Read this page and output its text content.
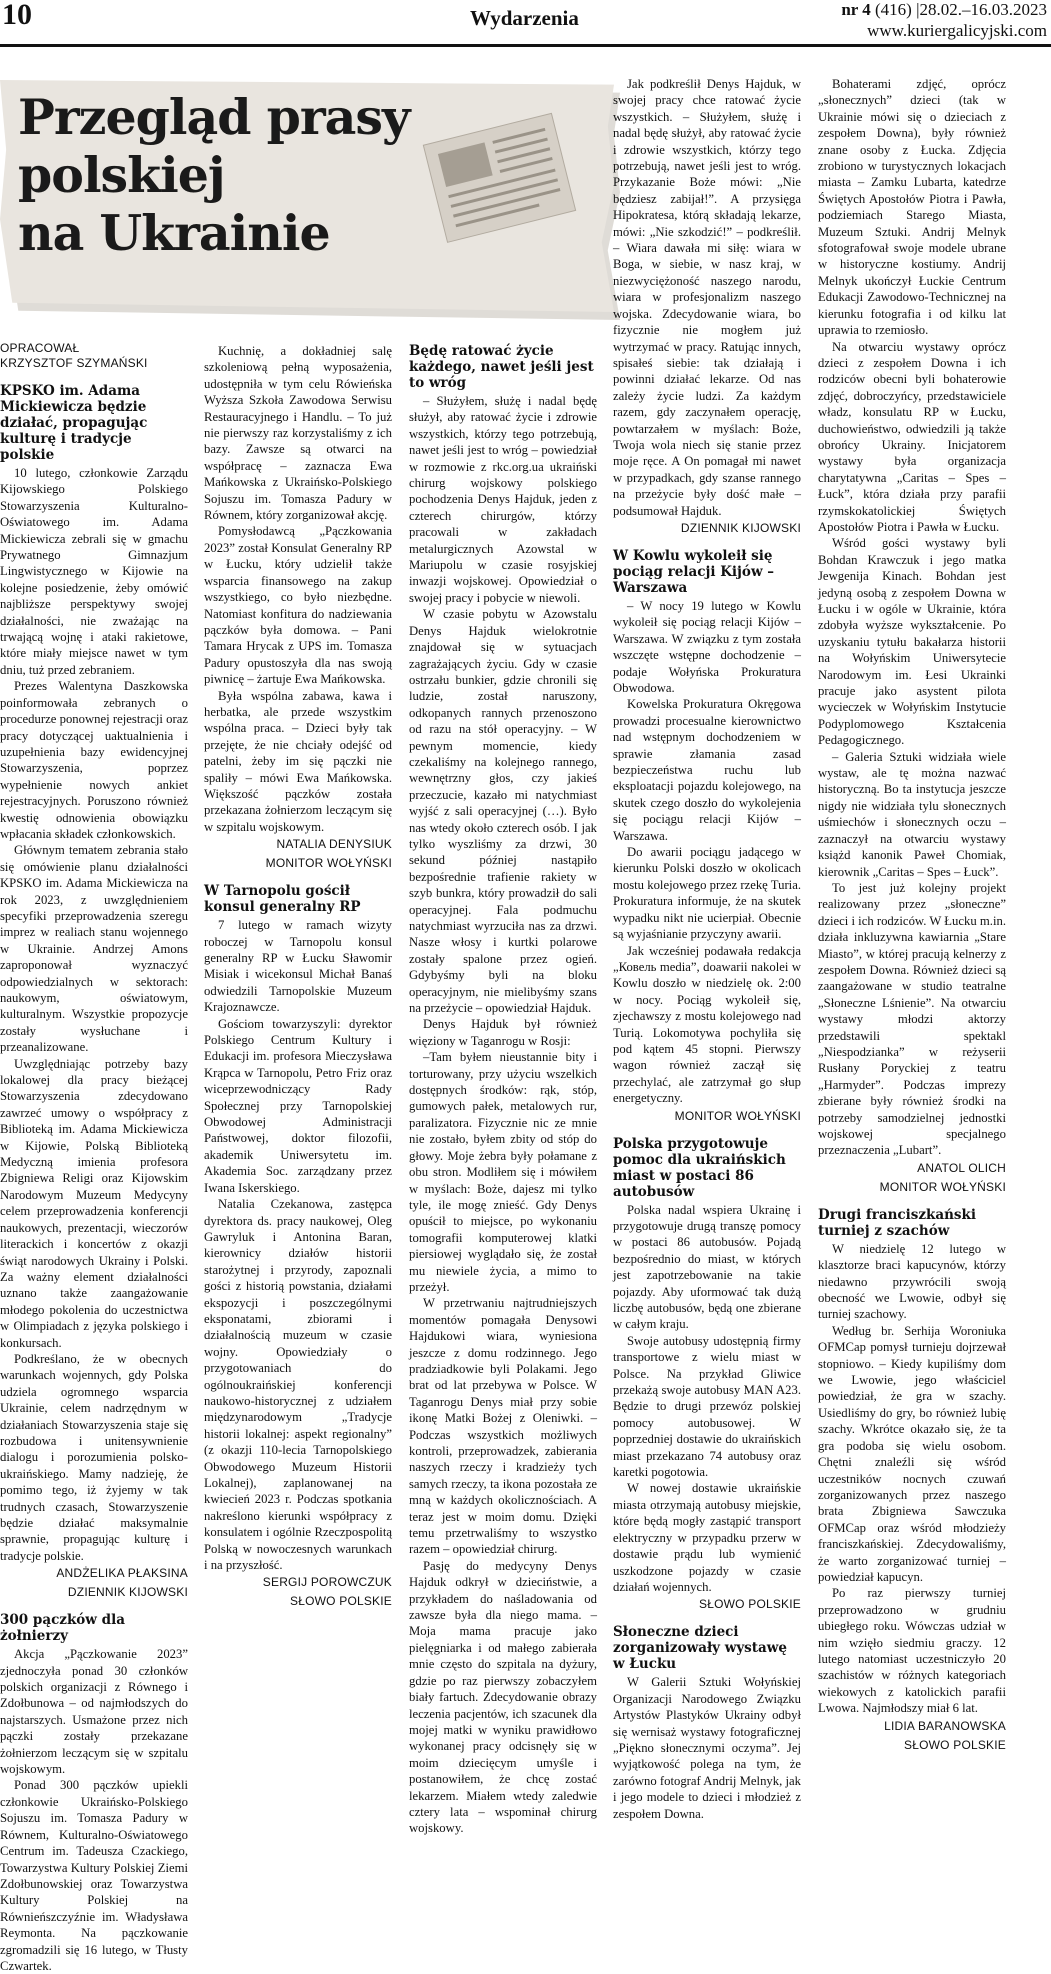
10	Wydarzenia	nr 4 (416) |28.02.–16.03.2023
www.kuriergalicyjski.com
Przegląd prasy
polskiej
na Ukrainie
OPRACOWAŁ
KRZYSZTOF SZYMAŃSKI
KPSKO im. Adama Mickiewicza będzie działać, propagując kulturę i tradycje polskie

10 lutego, członkowie Zarządu Kijowskiego Polskiego Stowarzyszenia Kulturalno-Oświatowego im. Adama Mickiewicza zebrali się w gmachu Prywatnego Gimnazjum Lingwistycznego w Kijowie na kolejne posiedzenie, żeby omówić najbliższe perspektywy swojej działalności, nie zważając na trwającą wojnę i ataki rakietowe, które miały miejsce nawet w tym dniu, tuż przed zebraniem.

Prezes Walentyna Daszkowska poinformowała zebranych o procedurze ponownej rejestracji oraz pracy dotyczącej uaktualnienia i uzupełnienia bazy ewidencyjnej Stowarzyszenia, poprzez wypełnienie nowych ankiet rejestracyjnych. Poruszono również kwestię odnowienia obowiązku wpłacania składek członkowskich.

Głównym tematem zebrania stało się omówienie planu działalności KPSKO im. Adama Mickiewicza na rok 2023, z uwzględnieniem specyfiki przeprowadzenia szeregu imprez w realiach stanu wojennego w Ukrainie. Andrzej Amons zaproponował wyznaczyć odpowiedzialnych w sektorach: naukowym, oświatowym, kulturalnym. Wszystkie propozycje zostały wysłuchane i przeanalizowane.

Uwzględniając potrzeby bazy lokalowej dla pracy bieżącej Stowarzyszenia zdecydowano zawrzeć umowy o współpracy z Biblioteką im. Adama Mickiewicza w Kijowie, Polską Biblioteką Medyczną imienia profesora Zbigniewa Religi oraz Kijowskim Narodowym Muzeum Medycyny celem przeprowadzenia konferencji naukowych, prezentacji, wieczorów literackich i koncertów z okazji świąt narodowych Ukrainy i Polski. Za ważny element działalności uznano także zaangażowanie młodego pokolenia do uczestnictwa w Olimpiadach z języka polskiego i konkursach.

Podkreślano, że w obecnych warunkach wojennych, gdy Polska udziela ogromnego wsparcia Ukrainie, celem nadrzędnym w działaniach Stowarzyszenia staje się rozbudowa i unitensywnienie dialogu i porozumienia polsko-ukraińskiego. Mamy nadzieję, że pomimo tego, iż żyjemy w tak trudnych czasach, Stowarzyszenie będzie działać maksymalnie sprawnie, propagując kulturę i tradycje polskie.

ANDŻELIKA PŁAKSINA
DZIENNIK KIJOWSKI
300 pączków dla żołnierzy

Akcja „Pączkowanie 2023” zjednoczyła ponad 30 członków polskich organizacji z Równego i Zdołbunowa – od najmłodszych do najstarszych. Usmażone przez nich pączki zostały przekazane żołnierzom leczącym się w szpitalu wojskowym.

Ponad 300 pączków upiekli członkowie Ukraińsko-Polskiego Sojuszu im. Tomasza Padury w Równem, Kulturalno-Oświatowego Centrum im. Tadeusza Czackiego, Towarzystwa Kultury Polskiej Ziemi Zdołbunowskiej oraz Towarzystwa Kultury Polskiej na Równieńszczyźnie im. Władysława Reymonta. Na pączkowanie zgromadzili się 16 lutego, w Tłusty Czwartek.

Kuchnię, a dokładniej salę szkoleniową pełną wyposażenia, udostępniła w tym celu Rówieńska Wyższa Szkoła Zawodowa Serwisu Restauracyjnego i Handlu. – To już nie pierwszy raz korzystaliśmy z ich bazy. Zawsze są otwarci na współpracę – zaznacza Ewa Mańkowska z Ukraińsko-Polskiego Sojuszu im. Tomasza Padury w Równem, który zorganizował akcję.

Pomysłodawcą „Pączkowania 2023” został Konsulat Generalny RP w Łucku, który udzielił także wsparcia finansowego na zakup wszystkiego, co było niezbędne. Natomiast konfitura do nadziewania pączków była domowa. – Pani Tamara Hrycak z UPS im. Tomasza Padury opustoszyła dla nas swoją piwnicę – żartuje Ewa Mańkowska.

Była wspólna zabawa, kawa i herbatka, ale przede wszystkim wspólna praca. – Dzieci były tak przejęte, że nie chciały odejść od patelni, żeby im się pączki nie spaliły – mówi Ewa Mańkowska. Większość pączków została przekazana żołnierzom leczącym się w szpitalu wojskowym.

NATALIA DENYSIUK
MONITOR WOŁYŃSKI
W Tarnopolu gościł konsul generalny RP

7 lutego w ramach wizyty roboczej w Tarnopolu konsul generalny RP w Łucku Sławomir Misiak i wicekonsul Michał Banaś odwiedzili Tarnopolskie Muzeum Krajoznawcze.

Gościom towarzyszyli: dyrektor Polskiego Centrum Kultury i Edukacji im. profesora Mieczysława Krąpca w Tarnopolu, Petro Friz oraz wiceprzewodniczący Rady Społecznej przy Tarnopolskiej Obwodowej Administracji Państwowej, doktor filozofii, akademik Uniwersytetu im. Akademia Soc. zarządzany przez Iwana Iskerskiego.

Natalia Czekanowa, zastępca dyrektora ds. pracy naukowej, Oleg Gawryluk i Antonina Baran, kierownicy działów historii starożytnej i przyrody, zapoznali gości z historią powstania, działami ekspozycji i poszczególnymi eksponatami, zbiorami i działalnością muzeum w czasie wojny. Opowiedziały o przygotowaniach do ogólnoukraińskiej konferencji naukowo-historycznej z udziałem międzynarodowym „Tradycje historii lokalnej: aspekt regionalny” (z okazji 110-lecia Tarnopolskiego Obwodowego Muzeum Historii Lokalnej), zaplanowanej na kwiecień 2023 r. Podczas spotkania nakreślono kierunki współpracy z konsulatem i ogólnie Rzeczpospolitą Polską w nowoczesnych warunkach i na przyszłość.

SERGIJ POROWCZUK
SŁOWO POLSKIE
Będę ratować życie każdego, nawet jeśli jest to wróg

– Służyłem, służę i nadal będę służył, aby ratować życie i zdrowie wszystkich, którzy tego potrzebują, nawet jeśli jest to wróg – powiedział w rozmowie z rkc.org.ua ukraiński chirurg wojskowy polskiego pochodzenia Denys Hajduk, jeden z czterech chirurgów, którzy pracowali w zakładach metalurgicznych Azowstal w Mariupolu w czasie rosyjskiej inwazji wojskowej. Opowiedział o swojej pracy i pobycie w niewoli.

W czasie pobytu w Azowstalu Denys Hajduk wielokrotnie znajdował się w sytuacjach zagrażających życiu. Gdy w czasie ostrzału bunkier, gdzie chronili się ludzie, został naruszony, odkopanych rannych przenoszono od razu na stół operacyjny. – W pewnym momencie, kiedy czekaliśmy na kolejnego rannego, wewnętrzny głos, czy jakieś przeczucie, kazało mi natychmiast wyjść z sali operacyjnej (…). Było nas wtedy około czterech osób. I jak tylko wyszliśmy za drzwi, 30 sekund później nastąpiło bezpośrednie trafienie rakiety w szyb bunkra, który prowadził do sali operacyjnej. Fala podmuchu natychmiast wyrzuciła nas za drzwi. Nasze włosy i kurtki polarowe zostały spalone przez ogień. Gdybyśmy byli na bloku operacyjnym, nie mielibyśmy szans na przeżycie – opowiedział Hajduk.

Denys Hajduk był również więziony w Taganrogu w Rosji:

–Tam byłem nieustannie bity i torturowany, przy użyciu wszelkich dostępnych środków: rąk, stóp, gumowych pałek, metalowych rur, paralizatora. Fizycznie nic ze mnie nie zostało, byłem zbity od stóp do głowy. Moje żebra były połamane z obu stron. Modliłem się i mówiłem w myślach: Boże, dajesz mi tylko tyle, ile mogę znieść. Gdy Denys opuścił to miejsce, po wykonaniu tomografii komputerowej klatki piersiowej wyglądało się, że został mu niewiele życia, a mimo to przeżył.

W przetrwaniu najtrudniejszych momentów pomagała Denysowi Hajdukowi wiara, wyniesiona jeszcze z domu rodzinnego. Jego pradziadkowie byli Polakami. Jego brat od lat przebywa w Polsce. W Taganrogu Denys miał przy sobie ikonę Matki Bożej z Oleniwki. – Podczas wszystkich możliwych kontroli, przeprowadzek, zabierania naszych rzeczy i kradzieży tych samych rzeczy, ta ikona pozostała ze mną w każdych okolicznościach. A teraz jest w moim domu. Dzięki temu przetrwaliśmy to wszystko razem – opowiedział chirurg.

Pasję do medycyny Denys Hajduk odkrył w dzieciństwie, a przykładem do naśladowania od zawsze była dla niego mama. – Moja mama pracuje jako pielęgniarka i od małego zabierała mnie często do szpitala na dyżury, gdzie po raz pierwszy zobaczyłem biały fartuch. Zdecydowanie obrazy leczenia pacjentów, ich szacunek dla mojej matki w wyniku prawidłowo wykonanej pracy odcisnęły się w moim dziecięcym umyśle i postanowiłem, że chcę zostać lekarzem. Miałem wtedy zaledwie cztery lata – wspominał chirurg wojskowy.

Jak podkreślił Denys Hajduk, w swojej pracy chce ratować życie wszystkich. – Służyłem, służę i nadal będę służył, aby ratować życie i zdrowie wszystkich, którzy tego potrzebują, nawet jeśli jest to wróg. Przykazanie Boże mówi: „Nie będziesz zabijał!”. A przysięga Hipokratesa, którą składają lekarze, mówi: „Nie szkodzić!” – podkreślił. – Wiara dawała mi siłę: wiara w Boga, w siebie, w nasz kraj, w niezwyciężoność naszego narodu, wiara w profesjonalizm naszego wojska. Zdecydowanie wiara, bo fizycznie nie mogłem już wytrzymać w pracy. Ratując innych, spisałeś siebie: tak działają i powinni działać lekarze. Od nas zależy życie ludzi. Za każdym razem, gdy zaczynałem operację, powtarzałem w myślach: Boże, Twoja wola niech się stanie przez moje ręce. A On pomagał mi nawet w przypadkach, gdy szanse rannego na przeżycie były dość małe – podsumował Hajduk.

DZIENNIK KIJOWSKI
W Kowlu wykoleił się pociąg relacji Kijów – Warszawa

– W nocy 19 lutego w Kowlu wykoleił się pociąg relacji Kijów – Warszawa. W związku z tym została wszczęte wstępne dochodzenie – podaje Wołyńska Prokuratura Obwodowa.

Kowelska Prokuratura Okręgowa prowadzi procesualne kierownictwo nad wstępnym dochodzeniem w sprawie złamania zasad bezpieczeństwa ruchu lub eksploatacji pojazdu kolejowego, na skutek czego doszło do wykolejenia się pociągu relacji Kijów – Warszawa.

Do awarii pociągu jadącego w kierunku Polski doszło w okolicach mostu kolejowego przez rzekę Turia. Prokuratura informuje, że na skutek wypadku nikt nie ucierpiał. Obecnie są wyjaśnianie przyczyny awarii.

Jak wcześniej podawała redakcja „Ковель media”, doawarii nakolei w Kowlu doszło w niedzielę ok. 2:00 w nocy. Pociąg wykoleił się, zjechawszy z mostu kolejowego nad Turią. Lokomotywa pochyliła się pod kątem 45 stopni. Pierwszy wagon również zaczął się przechylać, ale zatrzymał go słup energetyczny.

MONITOR WOŁYŃSKI
Polska przygotowuje pomoc dla ukraińskich miast w postaci 86 autobusów

Polska nadal wspiera Ukrainę i przygotowuje drugą transzę pomocy w postaci 86 autobusów. Pojadą bezpośrednio do miast, w których jest zapotrzebowanie na takie pojazdy. Aby uformować tak dużą liczbę autobusów, będą one zbierane w całym kraju.

Swoje autobusy udostępnią firmy transportowe z wielu miast w Polsce. Na przykład Gliwice przekażą swoje autobusy MAN A23. Będzie to drugi przewóz polskiej pomocy autobusowej. W poprzedniej dostawie do ukraińskich miast przekazano 74 autobusy oraz karetki pogotowia.

W nowej dostawie ukraińskie miasta otrzymają autobusy miejskie, które będą mogły zastąpić transport elektryczny w przypadku przerw w dostawie prądu lub wymienić uszkodzone pojazdy w czasie działań wojennych.

SŁOWO POLSKIE
Słoneczne dzieci zorganizowały wystawę w Łucku

W Galerii Sztuki Wołyńskiej Organizacji Narodowego Związku Artystów Plastyków Ukrainy odbył się wernisaż wystawy fotograficznej „Piękno słonecznymi oczyma”. Jej wyjątkowość polega na tym, że zarówno fotograf Andrij Melnyk, jak i jego modele to dzieci i młodzież z zespołem Downa.

Bohaterami zdjęć, oprócz „słonecznych” dzieci (tak w Ukrainie mówi się o dzieciach z zespołem Downa), były również znane osoby z Łucka. Zdjęcia zrobiono w turystycznych lokacjach miasta – Zamku Lubarta, katedrze Świętych Apostołów Piotra i Pawła, podziemiach Starego Miasta, Muzeum Sztuki. Andrij Melnyk sfotografował swoje modele ubrane w historyczne kostiumy. Andrij Melnyk ukończył Łuckie Centrum Edukacji Zawodowo-Technicznej na kierunku fotografia i od kilku lat uprawia to rzemiosło.

Na otwarciu wystawy oprócz dzieci z zespołem Downa i ich rodziców obecni byli bohaterowie zdjęć, dobroczyńcy, przedstawiciele władz, konsulatu RP w Łucku, duchowieństwo, odwiedzili ją także obrońcy Ukrainy. Inicjatorem wystawy była organizacja charytatywna „Caritas – Spes – Łuck”, która działa przy parafii rzymskokatolickiej Świętych Apostołów Piotra i Pawła w Łucku.

Wśród gości wystawy byli Bohdan Krawczuk i jego matka Jewgenija Kinach. Bohdan jest jedyną osobą z zespołem Downa w Łucku i w ogóle w Ukrainie, która zdobyła wyższe wykształcenie. Po uzyskaniu tytułu bakałarza historii na Wołyńskim Uniwersytecie Narodowym im. Łesi Ukrainki pracuje jako asystent pilota wycieczek w Wołyńskim Instytucie Podyplomowego Kształcenia Pedagogicznego.

– Galeria Sztuki widziała wiele wystaw, ale tę można nazwać historyczną. Bo ta instytucja jeszcze nigdy nie widziała tylu słonecznych uśmiechów i słonecznych oczu – zaznaczył na otwarciu wystawy książd kanonik Paweł Chomiak, kierownik „Caritas – Spes – Łuck”.

To jest już kolejny projekt realizowany przez „słoneczne” dzieci i ich rodziców. W Łucku m.in. działa inkluzywna kawiarnia „Stare Miasto”, w której pracują kelnerzy z zespołem Downa. Również dzieci są zaangażowane w studio teatralne „Słoneczne Lśnienie”. Na otwarciu wystawy młodzi aktorzy przedstawili spektakl „Niespodzianka” w reżyserii Rusłany Poryckiej z teatru „Harmyder”. Podczas imprezy zbierane były również środki na potrzeby samodzielnej jednostki wojskowej specjalnego przeznaczenia „Lubart”.

ANATOL OLICH
MONITOR WOŁYŃSKI
Drugi franciszkański turniej z szachów

W niedzielę 12 lutego w klasztorze braci kapucynów, którzy niedawno przywrócili swoją obecność we Lwowie, odbył się turniej szachowy.

Według br. Serhija Woroniuka OFMCap pomysł turnieju dojrzewał stopniowo. – Kiedy kupiliśmy dom we Lwowie, jego właściciel powiedział, że gra w szachy. Usiedliśmy do gry, bo również lubię szachy. Wkrótce okazało się, że ta gra podoba się wielu osobom. Chętni znaleźli się wśród uczestników nocnych czuwań zorganizowanych przez naszego brata Zbigniewa Sawczuka OFMCap oraz wśród młodzieży franciszkańskiej. Zdecydowaliśmy, że warto zorganizować turniej – powiedział kapucyn.

Po raz pierwszy turniej przeprowadzono w grudniu ubiegłego roku. Wówczas udział w nim wzięło siedmiu graczy. 12 lutego natomiast uczestniczyło 20 szachistów w różnych kategoriach wiekowych z katolickich parafii Lwowa. Najmłodszy miał 6 lat.

LIDIA BARANOWSKA
SŁOWO POLSKIE
